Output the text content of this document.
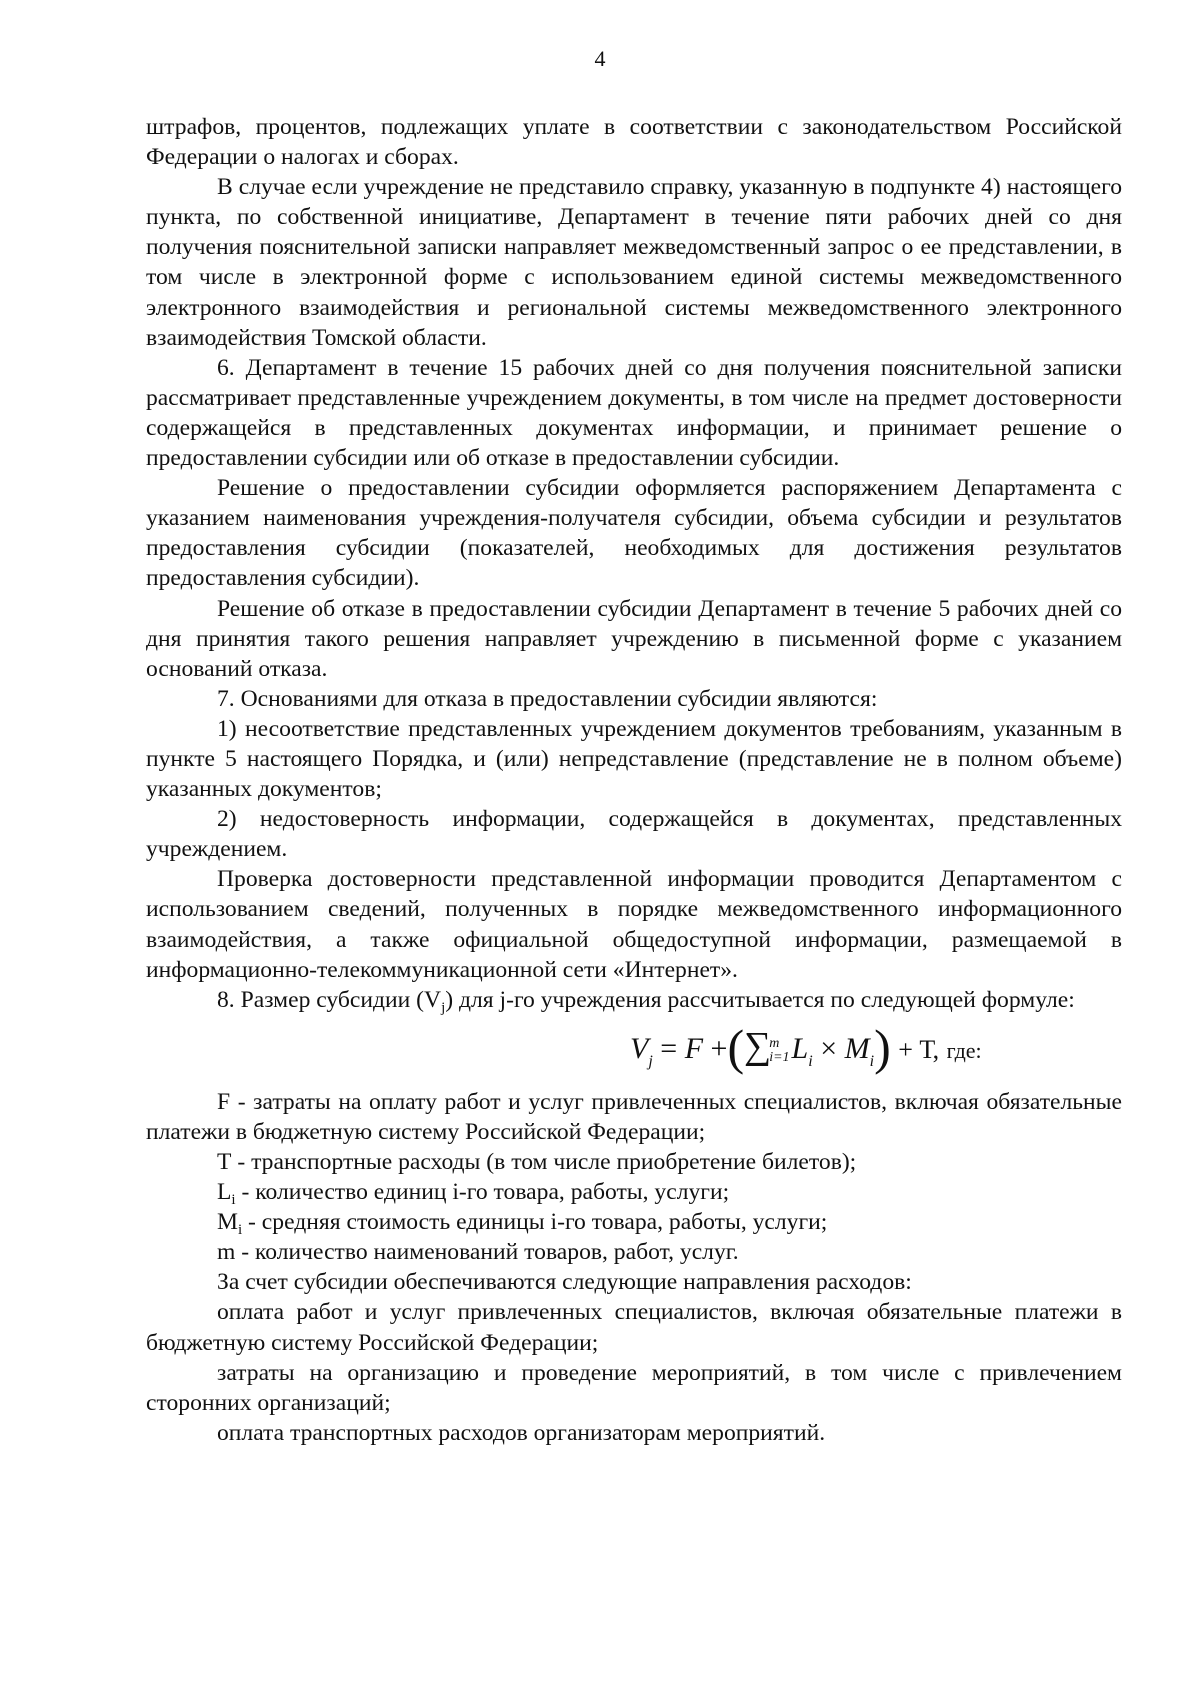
4

штрафов, процентов, подлежащих уплате в соответствии с законодательством Российской Федерации о налогах и сборах.

В случае если учреждение не представило справку, указанную в подпункте 4) настоящего пункта, по собственной инициативе, Департамент в течение пяти рабочих дней со дня получения пояснительной записки направляет межведомственный запрос о ее представлении, в том числе в электронной форме с использованием единой системы межведомственного электронного взаимодействия и региональной системы межведомственного электронного взаимодействия Томской области.

6. Департамент в течение 15 рабочих дней со дня получения пояснительной записки рассматривает представленные учреждением документы, в том числе на предмет достоверности содержащейся в представленных документах информации, и принимает решение о предоставлении субсидии или об отказе в предоставлении субсидии.

Решение о предоставлении субсидии оформляется распоряжением Департамента с указанием наименования учреждения-получателя субсидии, объема субсидии и результатов предоставления субсидии (показателей, необходимых для достижения результатов предоставления субсидии).

Решение об отказе в предоставлении субсидии Департамент в течение 5 рабочих дней со дня принятия такого решения направляет учреждению в письменной форме с указанием оснований отказа.

7. Основаниями для отказа в предоставлении субсидии являются:

1) несоответствие представленных учреждением документов требованиям, указанным в пункте 5 настоящего Порядка, и (или) непредставление (представление не в полном объеме) указанных документов;

2) недостоверность информации, содержащейся в документах, представленных учреждением.

Проверка достоверности представленной информации проводится Департаментом с использованием сведений, полученных в порядке межведомственного информационного взаимодействия, а также официальной общедоступной информации, размещаемой в информационно-телекоммуникационной сети «Интернет».

8. Размер субсидии $(V_j)$ для j-го учреждения рассчитывается по следующей формуле:

$V_j = F +(\sum m$
$i=1L_i \times M_i) + Т$, где:

F - затраты на оплату работ и услуг привлеченных специалистов, включая обязательные платежи в бюджетную систему Российской Федерации;

Т - транспортные расходы (в том числе приобретение билетов);

$L_i$ - количество единиц i-го товара, работы, услуги;

$M_i$ - средняя стоимость единицы i-го товара, работы, услуги;

m - количество наименований товаров, работ, услуг.

За счет субсидии обеспечиваются следующие направления расходов:

оплата работ и услуг привлеченных специалистов, включая обязательные платежи в бюджетную систему Российской Федерации;

затраты на организацию и проведение мероприятий, в том числе с привлечением сторонних организаций;

оплата транспортных расходов организаторам мероприятий.
